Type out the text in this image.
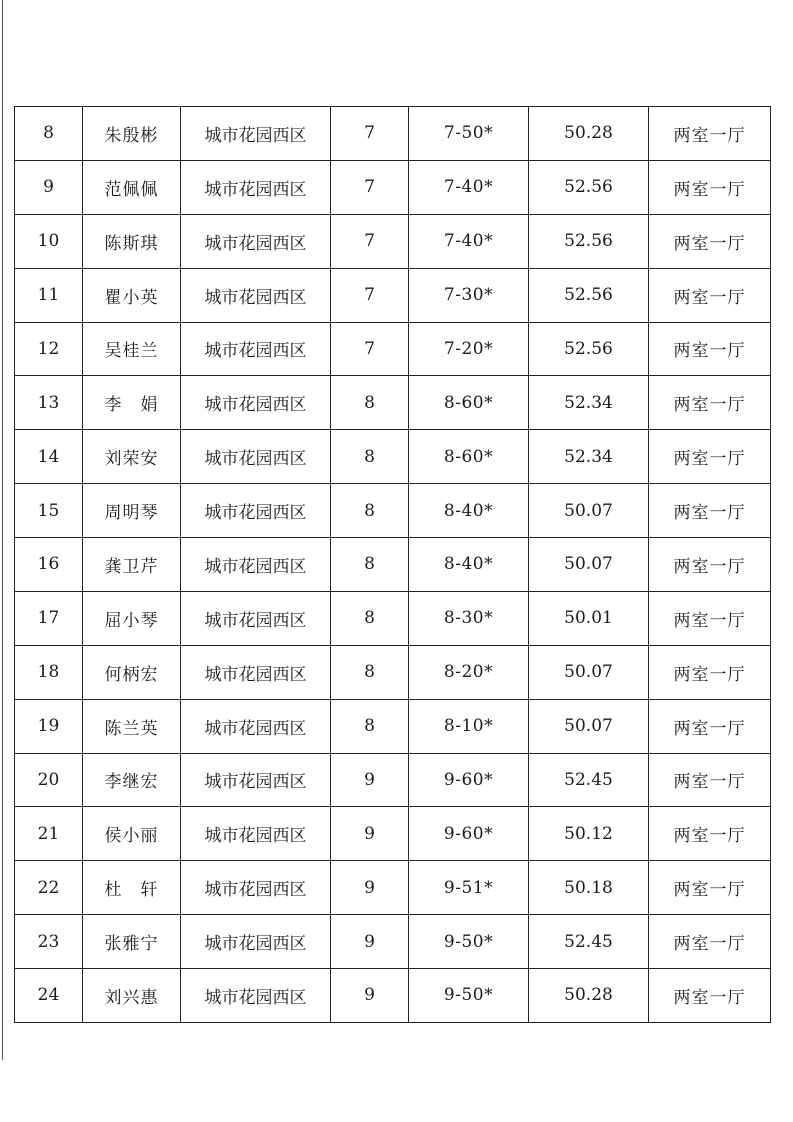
8	朱殷彬	城市花园西区	7	7-50*	50.28	两室一厅
9	范佩佩	城市花园西区	7	7-40*	52.56	两室一厅
10	陈斯琪	城市花园西区	7	7-40*	52.56	两室一厅
11	瞿小英	城市花园西区	7	7-30*	52.56	两室一厅
12	吴桂兰	城市花园西区	7	7-20*	52.56	两室一厅
13	李　娟	城市花园西区	8	8-60*	52.34	两室一厅
14	刘荣安	城市花园西区	8	8-60*	52.34	两室一厅
15	周明琴	城市花园西区	8	8-40*	50.07	两室一厅
16	龚卫芹	城市花园西区	8	8-40*	50.07	两室一厅
17	屈小琴	城市花园西区	8	8-30*	50.01	两室一厅
18	何柄宏	城市花园西区	8	8-20*	50.07	两室一厅
19	陈兰英	城市花园西区	8	8-10*	50.07	两室一厅
20	李继宏	城市花园西区	9	9-60*	52.45	两室一厅
21	侯小丽	城市花园西区	9	9-60*	50.12	两室一厅
22	杜　轩	城市花园西区	9	9-51*	50.18	两室一厅
23	张雅宁	城市花园西区	9	9-50*	52.45	两室一厅
24	刘兴惠	城市花园西区	9	9-50*	50.28	两室一厅
